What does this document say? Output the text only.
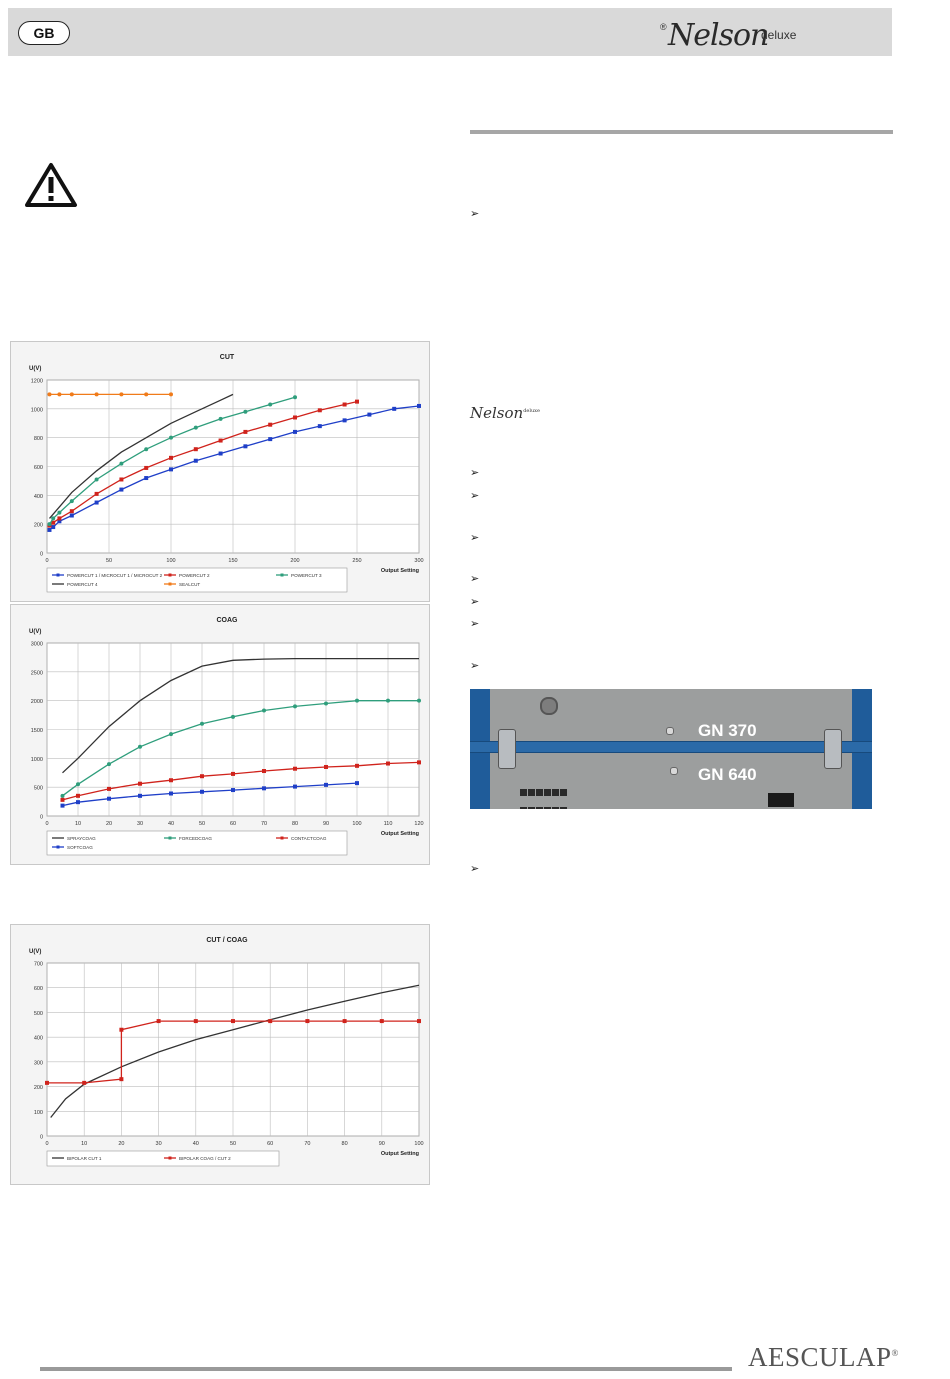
GB	® Nelson
deluxe
0
200
400
600
800
1000
1200
0	50	100	150	200	250	300
CUT
U(V)
Output Setting
POWERCUT 1 / MICROCUT 1 / MICROCUT 2	POWERCUT 2	POWERCUT 3
POWERCUT 4	SEALCUT
0
500
1000
1500
2000
2500
3000
0	10	20	30	40	50	60	70	80	90	100	110	120
COAG
U(V)
Output Setting
SPRAYCOAG	FORCEDCOAG	CONTACTCOAG
SOFTCOAG
0
100
200
300
400
500
600
700
0	10	20	30	40	50	60	70	80	90	100
CUT / COAG
U(V)
Output Setting
BIPOLAR CUT 1	BIPOLAR COAG / CUT 2
➢
Nelson$^{deluxe}$
➢
➢
➢
➢
➢
➢
➢
GN 370
GN 640

➢
AESCULAP®
